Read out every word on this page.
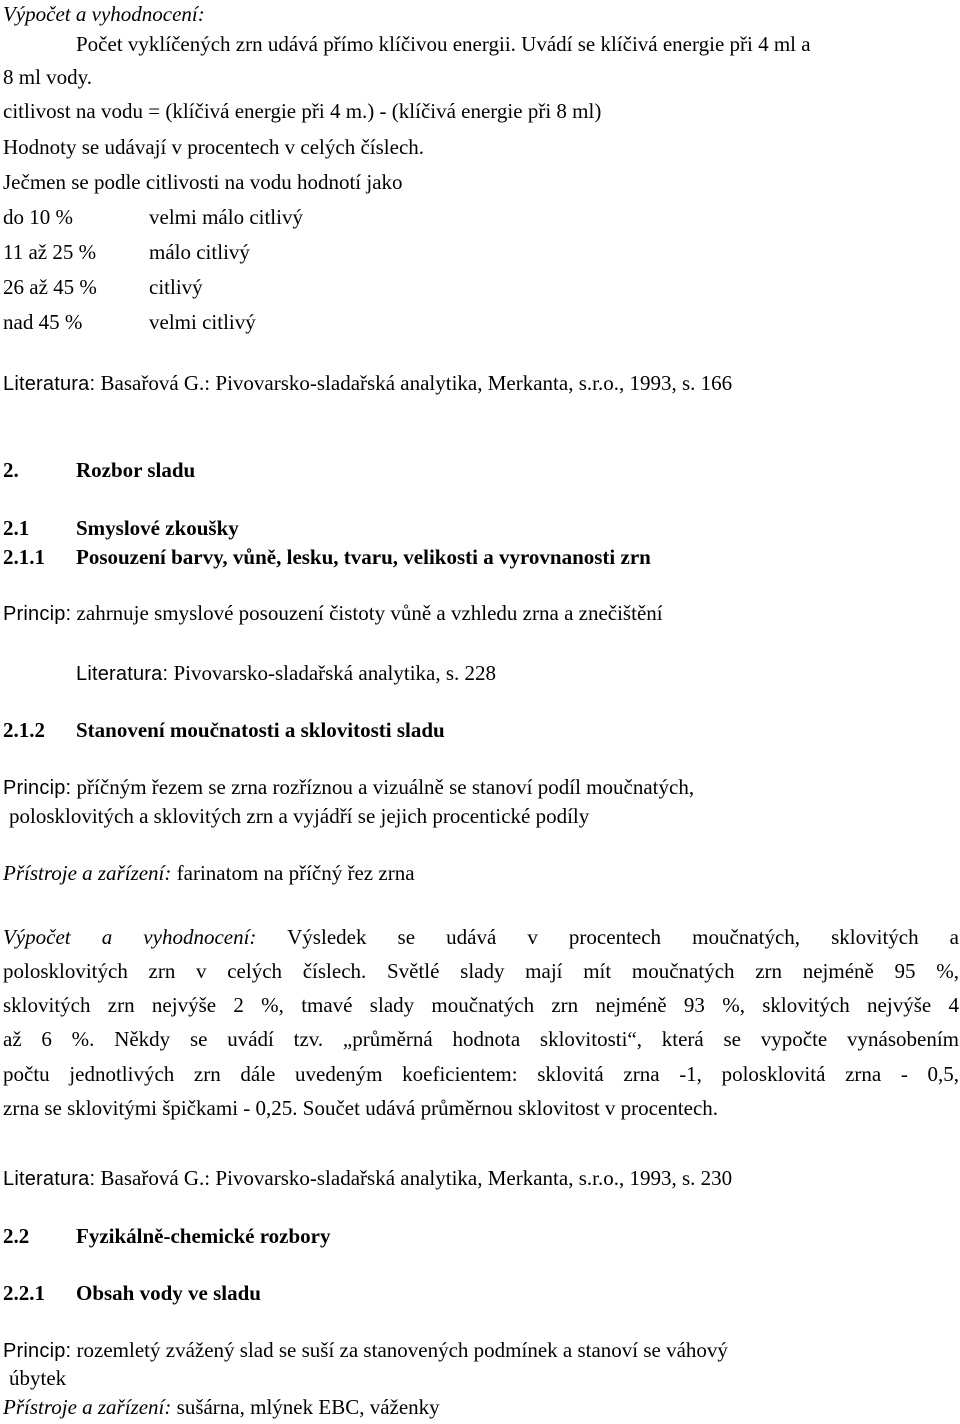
Výpočet a vyhodnocení:
Počet vyklíčených zrn udává přímo klíčivou energii. Uvádí se klíčivá energie při 4 ml a
8 ml vody.
citlivost na vodu = (klíčivá energie při 4 m.) - (klíčivá energie při 8 ml)
Hodnoty se udávají v procentech v celých číslech.
Ječmen se podle citlivosti na vodu hodnotí jako
do 10 %	velmi málo citlivý
11 až 25 %	málo citlivý
26 až 45 % citlivý
nad 45 %	velmi citlivý
Literatura: Basařová G.: Pivovarsko-sladařská analytika, Merkanta, s.r.o., 1993, s. 166
2.	Rozbor sladu
2.1 Smyslové zkoušky
2.1.1 Posouzení barvy, vůně, lesku, tvaru, velikosti a vyrovnanosti zrn
Princip: zahrnuje smyslové posouzení čistoty vůně a vzhledu zrna a znečištění
Literatura: Pivovarsko-sladařská analytika, s. 228
2.1.2 Stanovení moučnatosti a sklovitosti sladu
Princip: příčným řezem se zrna rozříznou a vizuálně se stanoví podíl moučnatých,
polosklovitých a sklovitých zrn a vyjádří se jejich procentické podíly
Přístroje a zařízení: farinatom na příčný řez zrna
Výpočet a vyhodnocení: Výsledek se udává v procentech moučnatých, sklovitých a
polosklovitých zrn v celých číslech. Světlé slady mají mít moučnatých zrn nejméně 95 %,
sklovitých zrn nejvýše 2 %, tmavé slady moučnatých zrn nejméně 93 %, sklovitých nejvýše 4
až 6 %. Někdy se uvádí tzv. „průměrná hodnota sklovitosti“, která se vypočte vynásobením
počtu jednotlivých zrn dále uvedeným koeficientem: sklovitá zrna -1, polosklovitá zrna - 0,5,
zrna se sklovitými špičkami - 0,25. Součet udává průměrnou sklovitost v procentech.
Literatura: Basařová G.: Pivovarsko-sladařská analytika, Merkanta, s.r.o., 1993, s. 230
2.2 Fyzikálně-chemické rozbory
2.2.1 Obsah vody ve sladu
Princip: rozemletý zvážený slad se suší za stanovených podmínek a stanoví se váhový
úbytek
Přístroje a zařízení: sušárna, mlýnek EBC, váženky
